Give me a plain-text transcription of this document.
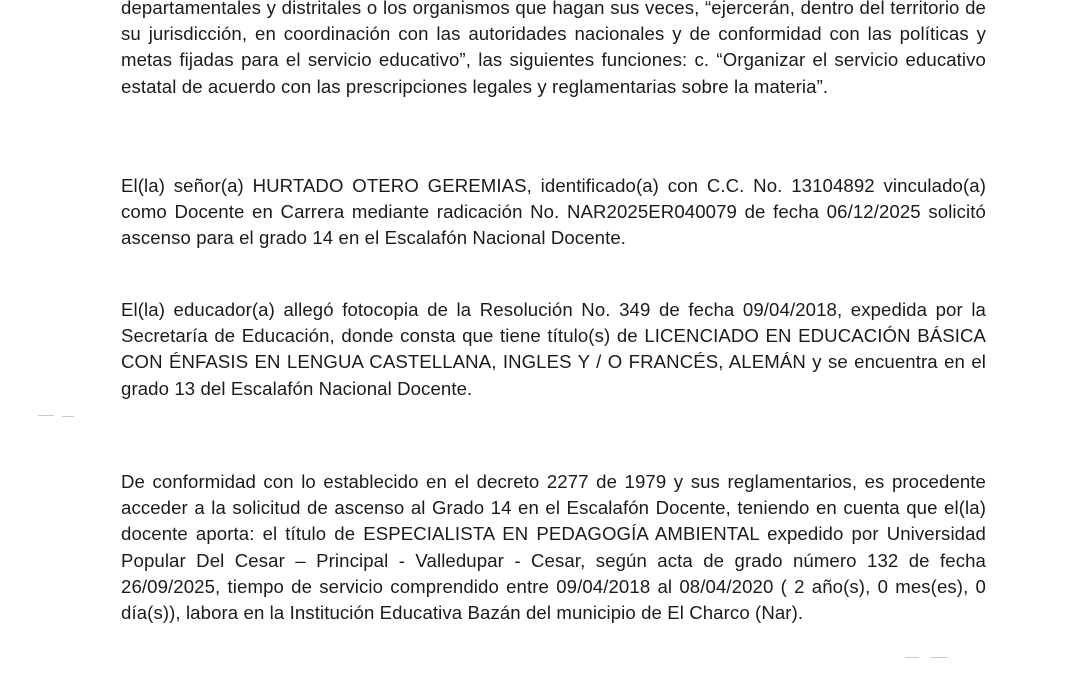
departamentales y distritales o los organismos que hagan sus veces, “ejercerán, dentro del territorio de su jurisdicción, en coordinación con las autoridades nacionales y de conformidad con las políticas y metas fijadas para el servicio educativo”, las siguientes funciones: c. “Organizar el servicio educativo estatal de acuerdo con las prescripciones legales y reglamentarias sobre la materia”.

El(la) señor(a) HURTADO OTERO GEREMIAS, identificado(a) con C.C. No. 13104892 vinculado(a) como Docente en Carrera mediante radicación No. NAR2025ER040079 de fecha 06/12/2025 solicitó ascenso para el grado 14 en el Escalafón Nacional Docente.

El(la) educador(a) allegó fotocopia de la Resolución No. 349 de fecha 09/04/2018, expedida por la Secretaría de Educación, donde consta que tiene título(s) de LICENCIADO EN EDUCACIÓN BÁSICA CON ÉNFASIS EN LENGUA CASTELLANA, INGLES Y / O FRANCÉS, ALEMÁN y se encuentra en el grado 13 del Escalafón Nacional Docente.

De conformidad con lo establecido en el decreto 2277 de 1979 y sus reglamentarios, es procedente acceder a la solicitud de ascenso al Grado 14 en el Escalafón Docente, teniendo en cuenta que el(la) docente aporta: el título de ESPECIALISTA EN PEDAGOGÍA AMBIENTAL expedido por Universidad Popular Del Cesar – Principal - Valledupar - Cesar, según acta de grado número 132 de fecha 26/09/2025, tiempo de servicio comprendido entre 09/04/2018 al 08/04/2020 ( 2 año(s), 0 mes(es), 0 día(s)), labora en la Institución Educativa Bazán del municipio de El Charco (Nar).
